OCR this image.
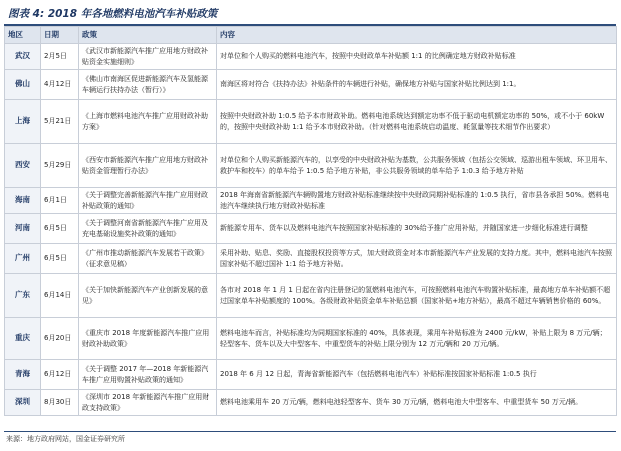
图表 4: 2018 年各地燃料电池汽车补贴政策
地区	日期	政策	内容
武汉	2月5日	《武汉市新能源汽车推广应用地方财政补贴资金实施细则》	对单位和个人购买的燃料电池汽车，按照中央财政单车补贴额 1:1 的比例确定地方财政补贴标准
佛山	4月12日	《佛山市南海区促进新能源汽车及氢能源车辆运行扶持办法（暂行）》	南海区将对符合《扶持办法》补贴条件的车辆进行补贴，确保地方补贴与国家补贴比例达到 1:1。
上海	5月21日	《上海市燃料电池汽车推广应用财政补助方案》	按照中央财政补助 1:0.5 给予本市财政补助。燃料电池系统达到额定功率不低于驱动电机额定功率的 50%，或不小于 60kW 的，按照中央财政补助 1:1 给予本市财政补助。（针对燃料电池系统启动温度、耗氢量等技术细节作出要求）
西安	5月29日	《西安市新能源汽车推广应用地方财政补贴资金管理暂行办法》	对单位和个人购买新能源汽车的，以享受的中央财政补贴为基数，公共服务领域（包括公交领域、巡游出租车领域、环卫用车、救护车和校车）的单车给予 1:0.5 给予地方补贴，非公共服务领域的单车给予 1:0.3 给予地方补贴
海南	6月1日	《关于调整完善新能源汽车推广应用财政补贴政策的通知》	2018 年海南省新能源汽车辆购置地方财政补贴标准继续按中央财政同期补贴标准的 1:0.5 执行，省市县各承担 50%。燃料电池汽车继续执行地方财政补贴标准
河南	6月5日	《关于调整河南省新能源汽车推广应用及充电基础设施奖补政策的通知》	新能源专用车、货车以及燃料电池汽车按照国家补贴标准的 30%给予推广应用补贴，并随国家进一步细化标准进行调整
广州	6月5日	《广州市推动新能源汽车发展若干政策》（征求意见稿）	采用补助、贴息、奖励、直接股权投资等方式，加大财政资金对本市新能源汽车产业发展的支持力度。其中，燃料电池汽车按照国家补贴不超过国补 1:1 给予地方补贴。
广东	6月14日	《关于加快新能源汽车产业创新发展的意见》	各市对 2018 年 1 月 1 日起在省内注册登记的氢燃料电池汽车，可按照燃料电池汽车购置补贴标准，最高地方单车补贴额不超过国家单车补贴额度的 100%。各级财政补贴资金单车补贴总额（国家补贴+地方补贴），最高不超过车辆销售价格的 60%。
重庆	6月20日	《重庆市 2018 年度新能源汽车推广应用财政补助政策》	燃料电池车而言，补贴标准均为同期国家标准的 40%，具体表现，乘用车补贴标准为 2400 元/kW，补贴上限为 8 万元/辆；轻型客车、货车以及大中型客车、中重型货车的补贴上限分别为 12 万元/辆和 20 万元/辆。
青海	6月12日	《关于调整 2017 年—2018 年新能源汽车推广应用购置补贴政策的通知》	2018 年 6 月 12 日起，青海省新能源汽车（包括燃料电池汽车）补贴标准按国家补贴标准 1:0.5 执行
深圳	8月30日	《深圳市 2018 年新能源汽车推广应用财政支持政策》	燃料电池乘用车 20 万元/辆，燃料电池轻型客车、货车 30 万元/辆，燃料电池大中型客车、中重型货车 50 万元/辆。
来源：地方政府网站，国金证券研究所
